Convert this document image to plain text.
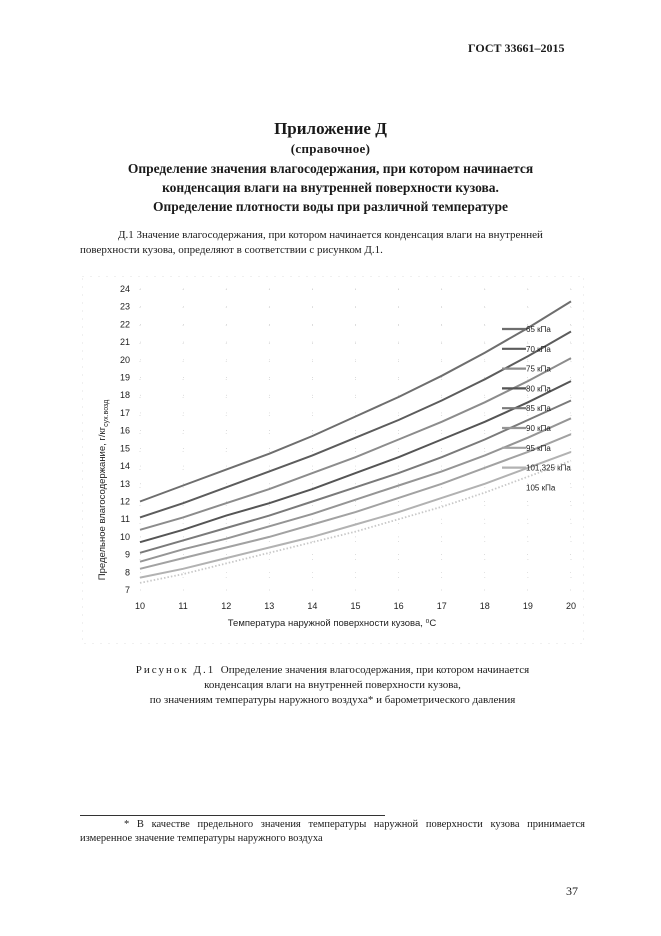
ГОСТ 33661–2015
Приложение Д
(справочное)
Определение значения влагосодержания, при котором начинается
конденсация влаги на внутренней поверхности кузова.
Определение плотности воды при различной температуре
Д.1 Значение влагосодержания, при котором начинается конденсация влаги на внутренней поверхности кузова, определяют в соответствии с рисунком Д.1.
7
8
9
10
11
12
13
14
15
16
17
18
19
20
21
22
23
24
10	11	12	13	14	15	16	17	18	19	20
65 кПа
70 кПа
75 кПа
80 кПа
85 кПа
90 кПа
95 кПа
101,325 кПа
105 кПа
Температура наружной поверхности кузова, ⁰С
Предельное влагосодержание, $г/кг_{сух.возд}$
Рисунок Д.1 Определение значения влагосодержания, при котором начинается
конденсация влаги на внутренней поверхности кузова,
по значениям температуры наружного воздуха* и барометрического давления
* В качестве предельного значения температуры наружной поверхности кузова принимается измеренное значение температуры наружного воздуха
37
